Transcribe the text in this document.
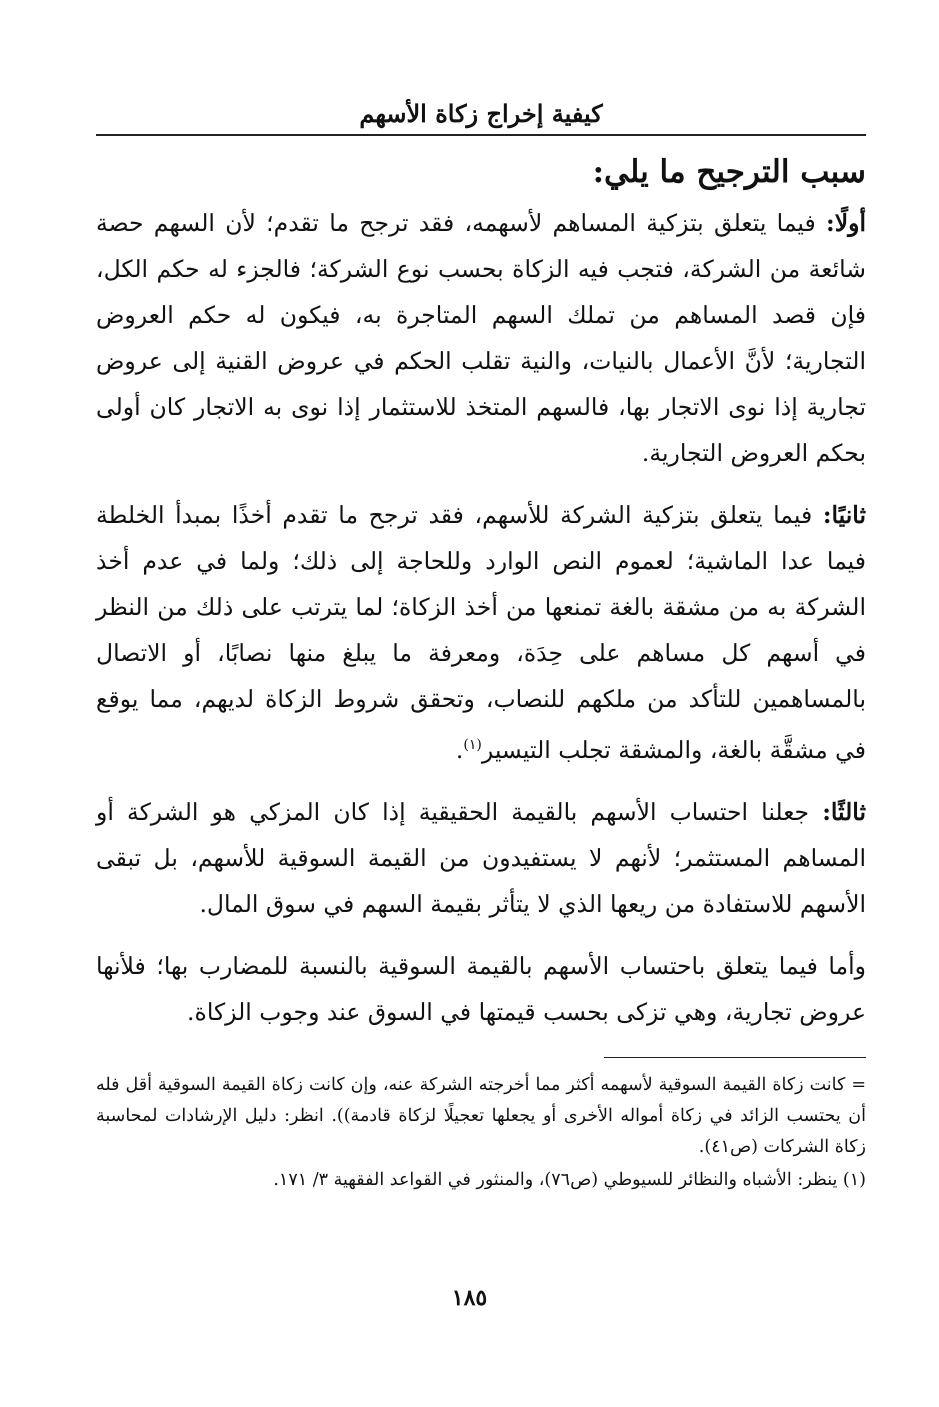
كيفية إخراج زكاة الأسهم
سبب الترجيح ما يلي:

أولًا: فيما يتعلق بتزكية المساهم لأسهمه، فقد ترجح ما تقدم؛ لأن السهم حصة شائعة من الشركة، فتجب فيه الزكاة بحسب نوع الشركة؛ فالجزء له حكم الكل، فإن قصد المساهم من تملك السهم المتاجرة به، فيكون له حكم العروض التجارية؛ لأنَّ الأعمال بالنيات، والنية تقلب الحكم في عروض القنية إلى عروض تجارية إذا نوى الاتجار بها، فالسهم المتخذ للاستثمار إذا نوى به الاتجار كان أولى بحكم العروض التجارية.

ثانيًا: فيما يتعلق بتزكية الشركة للأسهم، فقد ترجح ما تقدم أخذًا بمبدأ الخلطة فيما عدا الماشية؛ لعموم النص الوارد وللحاجة إلى ذلك؛ ولما في عدم أخذ الشركة به من مشقة بالغة تمنعها من أخذ الزكاة؛ لما يترتب على ذلك من النظر في أسهم كل مساهم على حِدَة، ومعرفة ما يبلغ منها نصابًا، أو الاتصال بالمساهمين للتأكد من ملكهم للنصاب، وتحقق شروط الزكاة لديهم، مما يوقع في مشقَّة بالغة، والمشقة تجلب التيسير$^{(١)}$.

ثالثًا: جعلنا احتساب الأسهم بالقيمة الحقيقية إذا كان المزكي هو الشركة أو المساهم المستثمر؛ لأنهم لا يستفيدون من القيمة السوقية للأسهم، بل تبقى الأسهم للاستفادة من ريعها الذي لا يتأثر بقيمة السهم في سوق المال.

وأما فيما يتعلق باحتساب الأسهم بالقيمة السوقية بالنسبة للمضارب بها؛ فلأنها عروض تجارية، وهي تزكى بحسب قيمتها في السوق عند وجوب الزكاة.

= كانت زكاة القيمة السوقية لأسهمه أكثر مما أخرجته الشركة عنه، وإن كانت زكاة القيمة السوقية أقل فله أن يحتسب الزائد في زكاة أمواله الأخرى أو يجعلها تعجيلًا لزكاة قادمة)). انظر: دليل الإرشادات لمحاسبة زكاة الشركات (ص٤١).

(١) ينظر: الأشباه والنظائر للسيوطي (ص٧٦)، والمنثور في القواعد الفقهية ٣/ ١٧١.

١٨٥
